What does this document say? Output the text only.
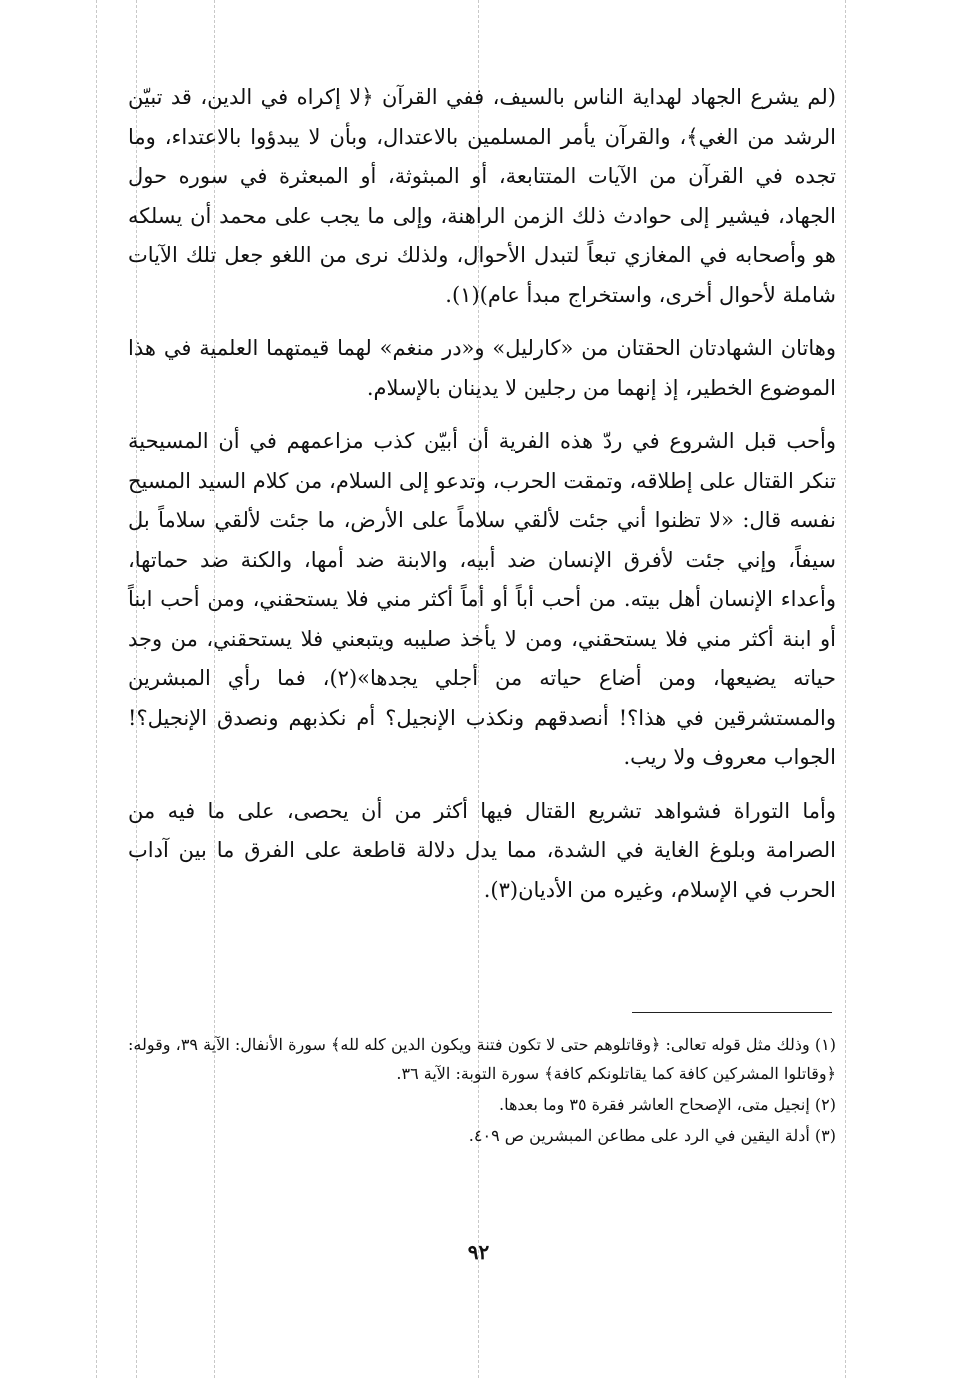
(لم يشرع الجهاد لهداية الناس بالسيف، ففي القرآن ﴿لا إكراه في الدين، قد تبيّن الرشد من الغي﴾، والقرآن يأمر المسلمين بالاعتدال، وبأن لا يبدؤوا بالاعتداء، وما تجده في القرآن من الآيات المتتابعة، أو المبثوثة، أو المبعثرة في سوره حول الجهاد، فيشير إلى حوادث ذلك الزمن الراهنة، وإلى ما يجب على محمد أن يسلكه هو وأصحابه في المغازي تبعاً لتبدل الأحوال، ولذلك نرى من اللغو جعل تلك الآيات شاملة لأحوال أخرى، واستخراج مبدأ عام)(١).

وهاتان الشهادتان الحقتان من «كارليل» و«در منغم» لهما قيمتهما العلمية في هذا الموضوع الخطير، إذ إنهما من رجلين لا يدينان بالإسلام.

وأحب قبل الشروع في ردّ هذه الفرية أن أبيّن كذب مزاعمهم في أن المسيحية تنكر القتال على إطلاقه، وتمقت الحرب، وتدعو إلى السلام، من كلام السيد المسيح نفسه قال: «لا تظنوا أني جئت لألقي سلاماً على الأرض، ما جئت لألقي سلاماً بل سيفاً، وإني جئت لأفرق الإنسان ضد أبيه، والابنة ضد أمها، والكنة ضد حماتها، وأعداء الإنسان أهل بيته. من أحب أباً أو أماً أكثر مني فلا يستحقني، ومن أحب ابناً أو ابنة أكثر مني فلا يستحقني، ومن لا يأخذ صليبه ويتبعني فلا يستحقني، من وجد حياته يضيعها، ومن أضاع حياته من أجلي يجدها»(٢)، فما رأي المبشرين والمستشرقين في هذا؟! أنصدقهم ونكذب الإنجيل؟ أم نكذبهم ونصدق الإنجيل؟! الجواب معروف ولا ريب.

وأما التوراة فشواهد تشريع القتال فيها أكثر من أن يحصى، على ما فيه من الصرامة وبلوغ الغاية في الشدة، مما يدل دلالة قاطعة على الفرق ما بين آداب الحرب في الإسلام، وغيره من الأديان(٣).

(١) وذلك مثل قوله تعالى: ﴿وقاتلوهم حتى لا تكون فتنة ويكون الدين كله لله﴾ سورة الأنفال: الآية ٣٩، وقوله: ﴿وقاتلوا المشركين كافة كما يقاتلونكم كافة﴾ سورة التوبة: الآية ٣٦.

(٢) إنجيل متى، الإصحاح العاشر فقرة ٣٥ وما بعدها.

(٣) أدلة اليقين في الرد على مطاعن المبشرين ص ٤٠٩.

٩٢
